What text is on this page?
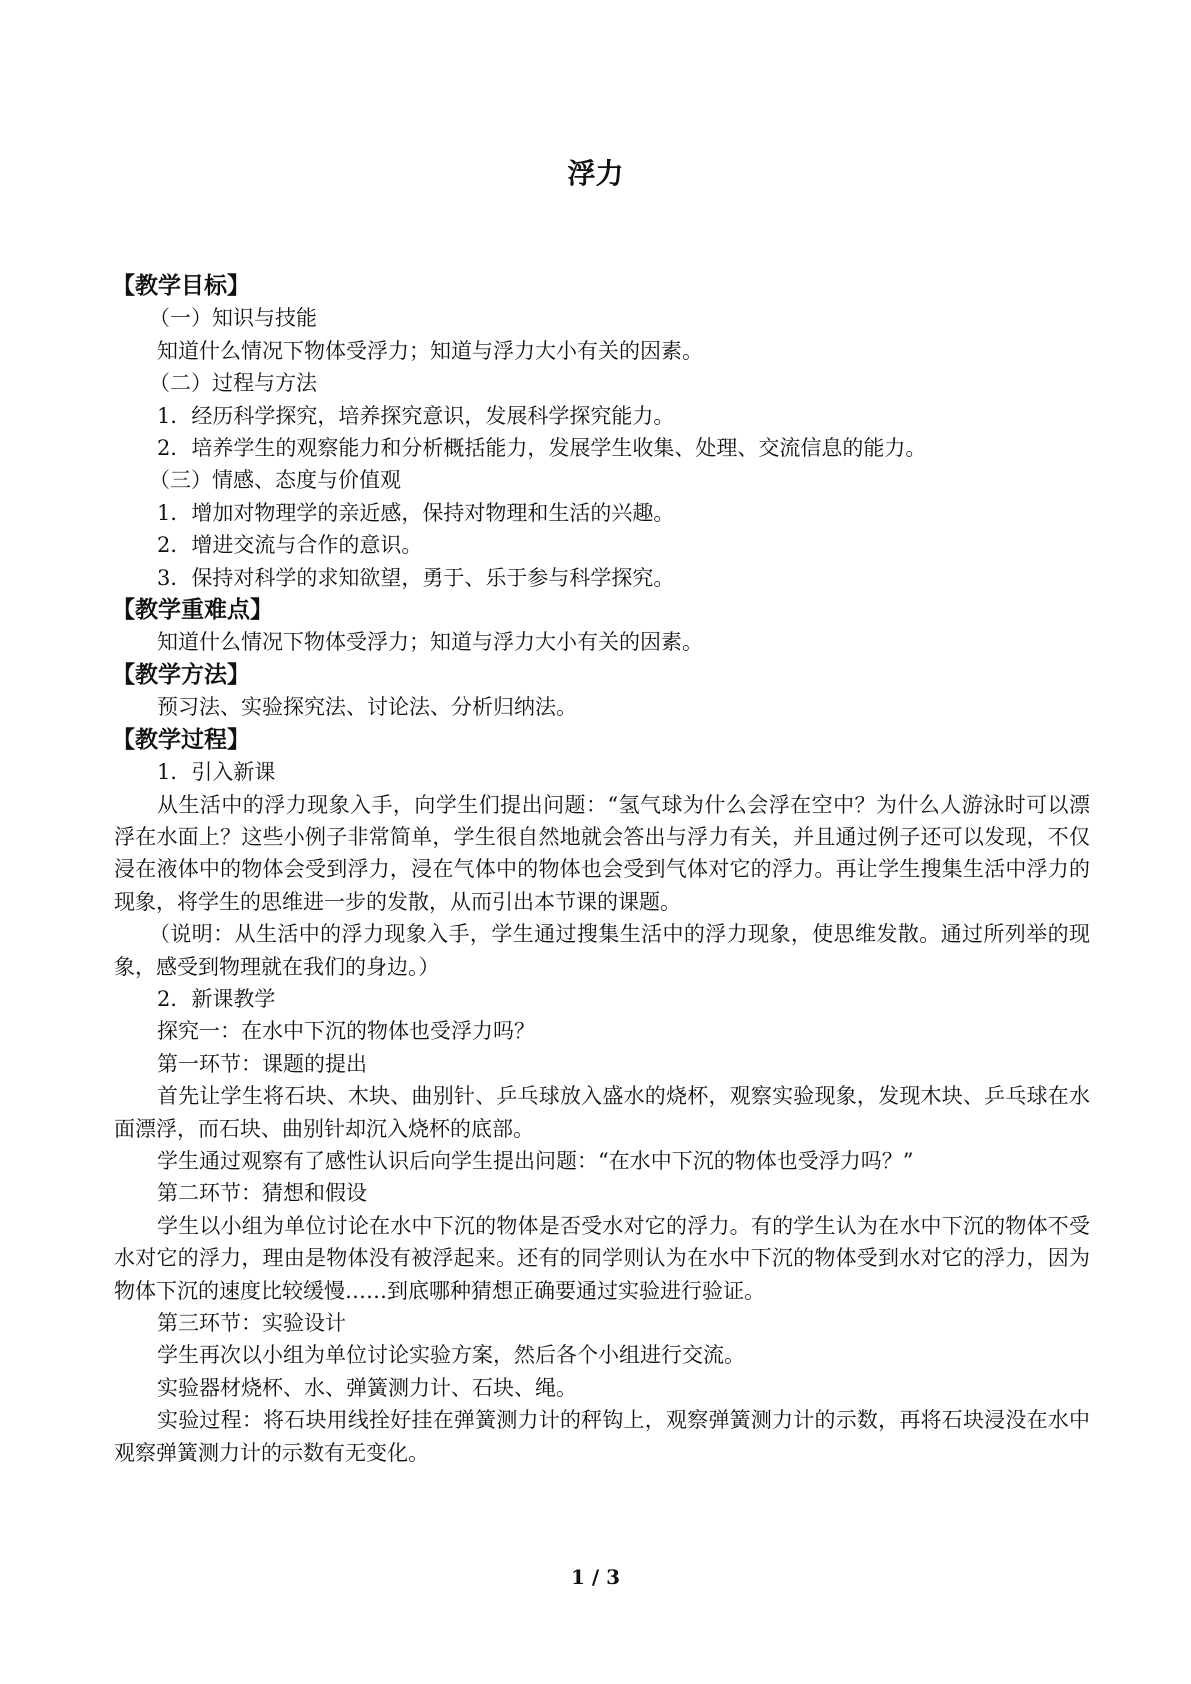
浮力
【教学目标】

（一）知识与技能

知道什么情况下物体受浮力；知道与浮力大小有关的因素。

（二）过程与方法

1．经历科学探究，培养探究意识，发展科学探究能力。

2．培养学生的观察能力和分析概括能力，发展学生收集、处理、交流信息的能力。

（三）情感、态度与价值观

1．增加对物理学的亲近感，保持对物理和生活的兴趣。

2．增进交流与合作的意识。

3．保持对科学的求知欲望，勇于、乐于参与科学探究。

【教学重难点】

知道什么情况下物体受浮力；知道与浮力大小有关的因素。

【教学方法】

预习法、实验探究法、讨论法、分析归纳法。

【教学过程】

1．引入新课

从生活中的浮力现象入手，向学生们提出问题：“氢气球为什么会浮在空中？为什么人游泳时可以漂浮在水面上？这些小例子非常简单，学生很自然地就会答出与浮力有关，并且通过例子还可以发现，不仅浸在液体中的物体会受到浮力，浸在气体中的物体也会受到气体对它的浮力。再让学生搜集生活中浮力的现象，将学生的思维进一步的发散，从而引出本节课的课题。

（说明：从生活中的浮力现象入手，学生通过搜集生活中的浮力现象，使思维发散。通过所列举的现象，感受到物理就在我们的身边。）

2．新课教学

探究一：在水中下沉的物体也受浮力吗？

第一环节：课题的提出

首先让学生将石块、木块、曲别针、乒乓球放入盛水的烧杯，观察实验现象，发现木块、乒乓球在水面漂浮，而石块、曲别针却沉入烧杯的底部。

学生通过观察有了感性认识后向学生提出问题：“在水中下沉的物体也受浮力吗？”

第二环节：猜想和假设

学生以小组为单位讨论在水中下沉的物体是否受水对它的浮力。有的学生认为在水中下沉的物体不受水对它的浮力，理由是物体没有被浮起来。还有的同学则认为在水中下沉的物体受到水对它的浮力，因为物体下沉的速度比较缓慢……到底哪种猜想正确要通过实验进行验证。

第三环节：实验设计

学生再次以小组为单位讨论实验方案，然后各个小组进行交流。

实验器材烧杯、水、弹簧测力计、石块、绳。

实验过程：将石块用线拴好挂在弹簧测力计的秤钩上，观察弹簧测力计的示数，再将石块浸没在水中观察弹簧测力计的示数有无变化。

1 / 3
